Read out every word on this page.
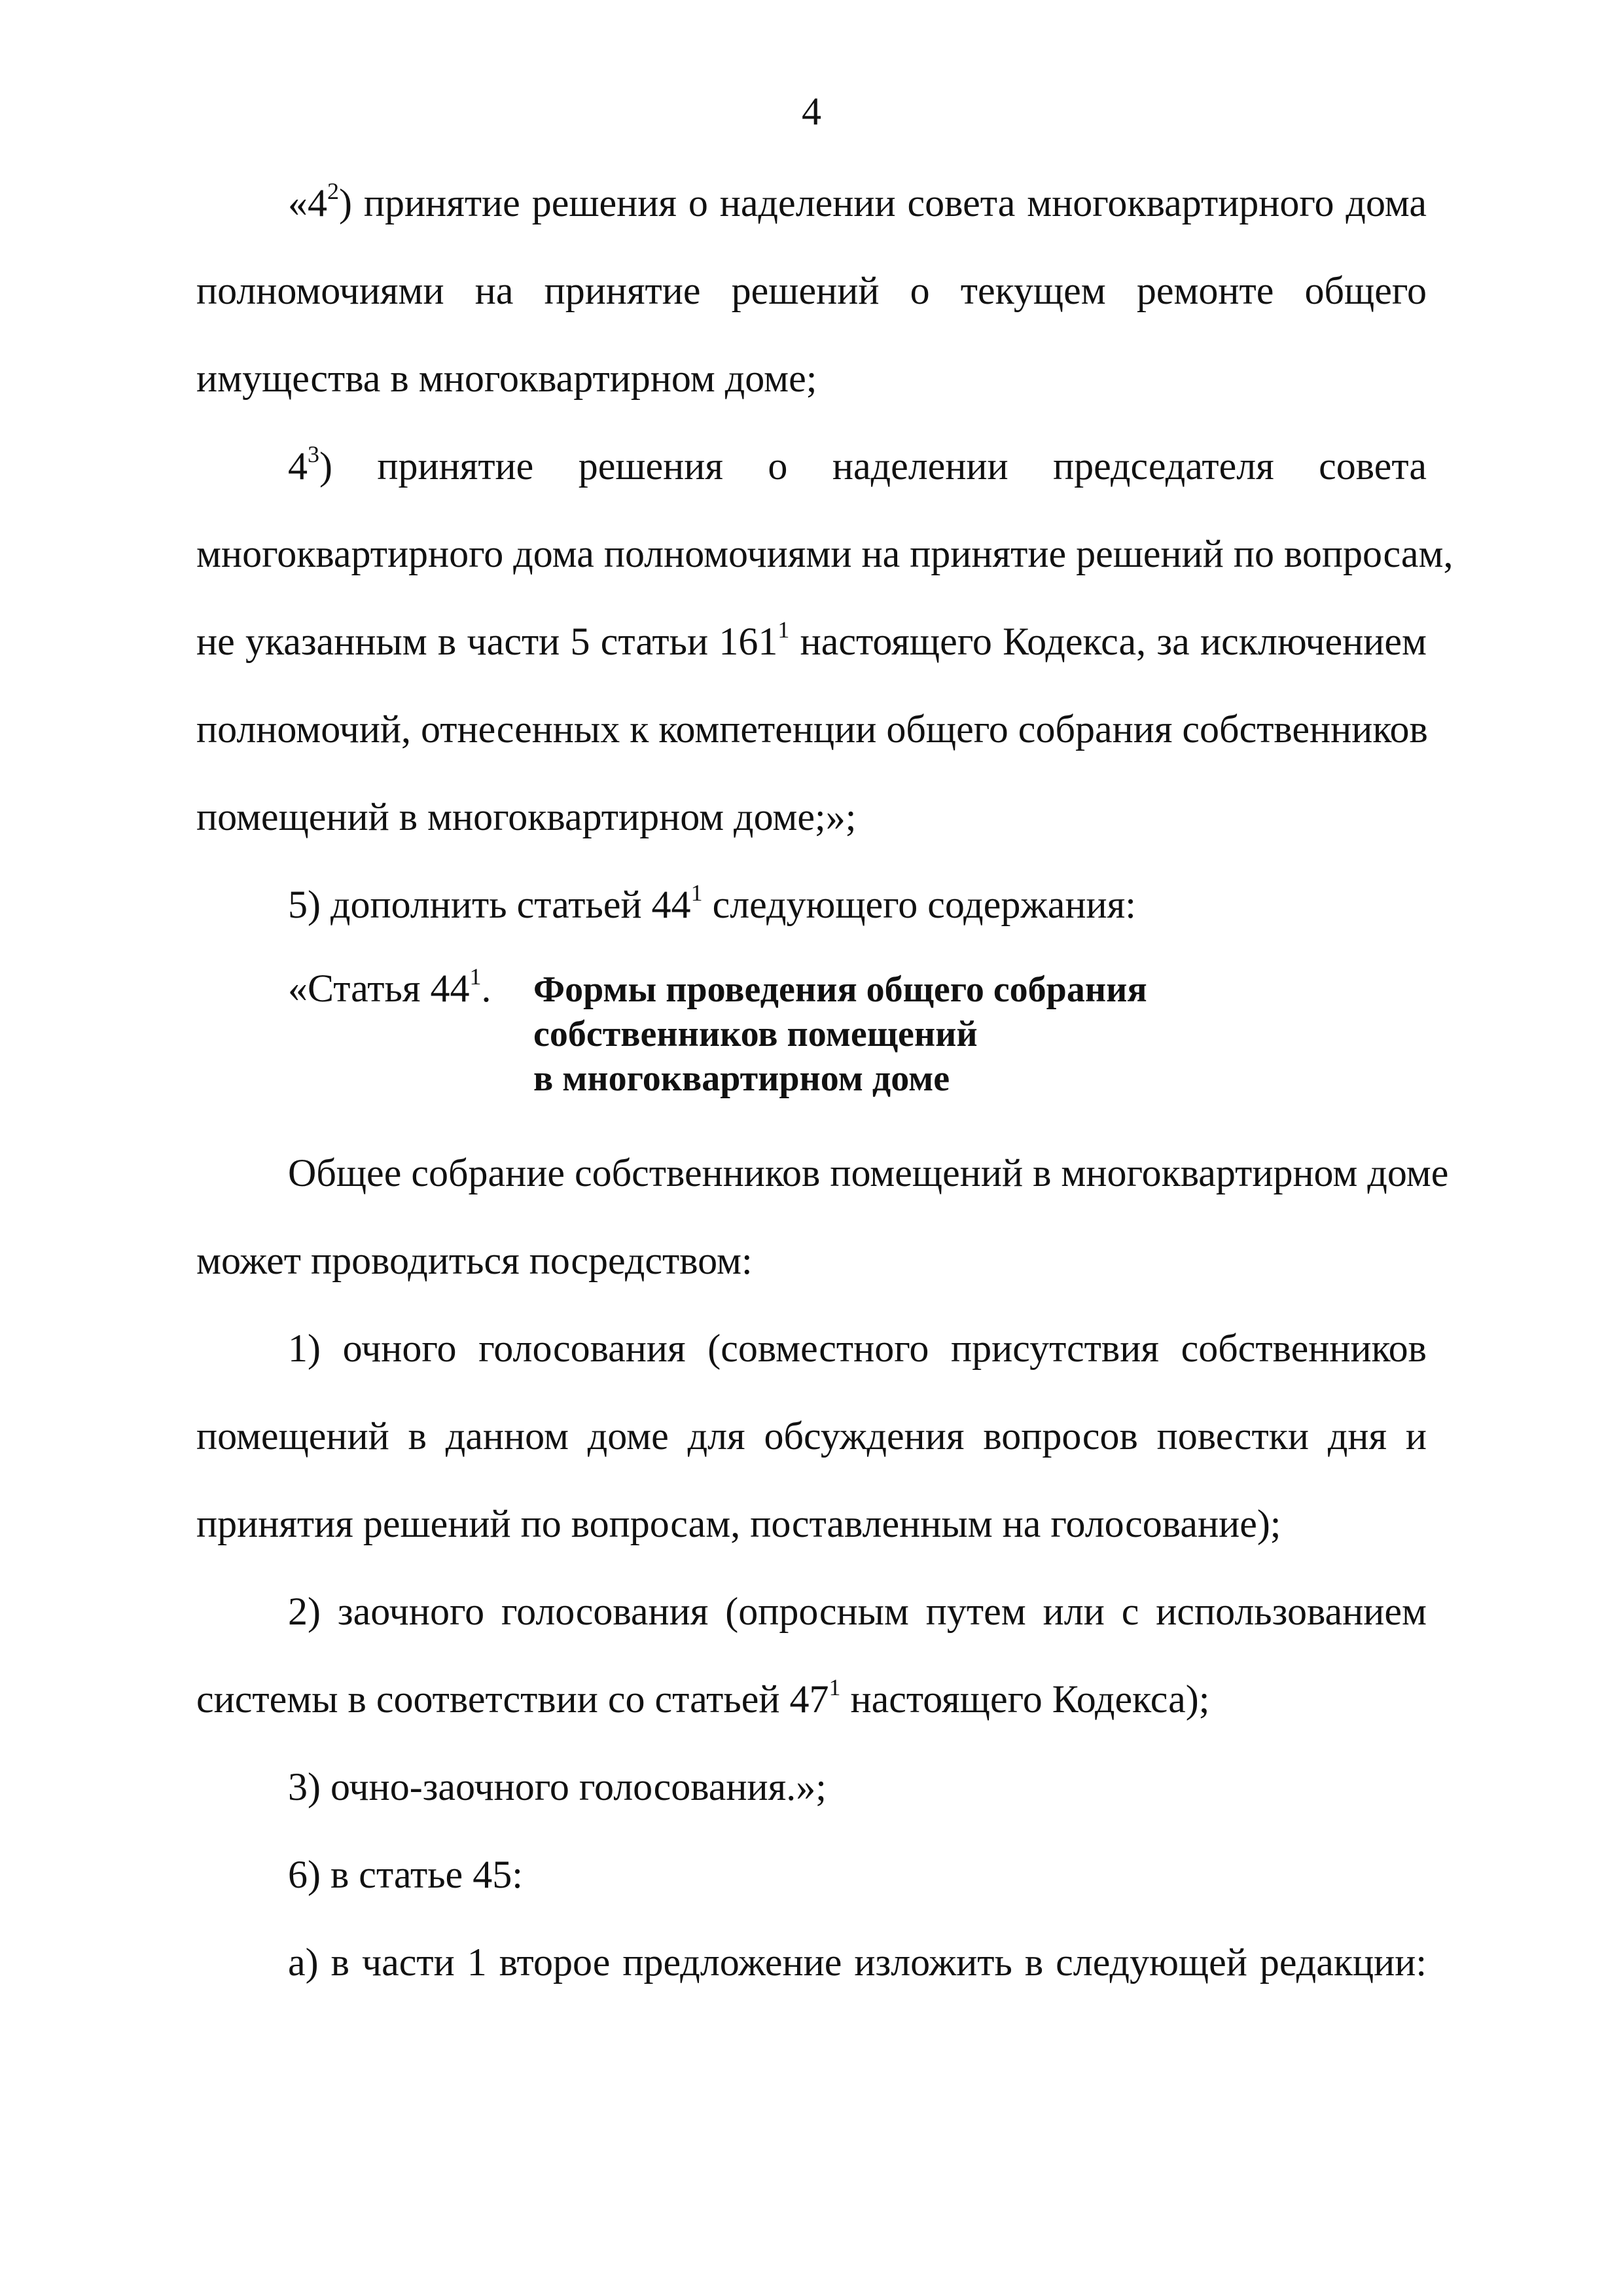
4
«$4^2$) принятие решения о наделении совета многоквартирного дома
полномочиями на принятие решений о текущем ремонте общего
имущества в многоквартирном доме;
$4^3$) принятие решения о наделении председателя совета
многоквартирного дома полномочиями на принятие решений по вопросам,
не указанным в части 5 статьи $161^1$ настоящего Кодекса, за исключением
полномочий, отнесенных к компетенции общего собрания собственников
помещений в многоквартирном доме;»;
5) дополнить статьей $44^1$ следующего содержания:
«Статья $44^1$. Формы проведения общего собрания
собственников помещений
в многоквартирном доме
Общее собрание собственников помещений в многоквартирном доме
может проводиться посредством:
1) очного голосования (совместного присутствия собственников
помещений в данном доме для обсуждения вопросов повестки дня и
принятия решений по вопросам, поставленным на голосование);
2) заочного голосования (опросным путем или с использованием
системы в соответствии со статьей $47^1$ настоящего Кодекса);
3) очно-заочного голосования.»;
6) в статье 45:
а) в части 1 второе предложение изложить в следующей редакции:
